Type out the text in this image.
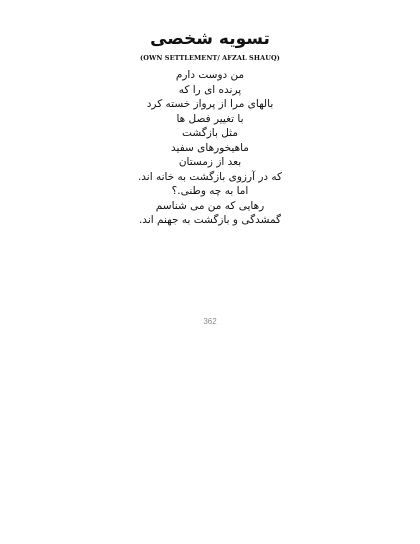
تسویه شخصی
(OWN SETTLEMENT/ AFZAL SHAUQ)
من دوست دارم
پرنده ای را که
بالهای مرا از پرواز خسته کرد
با تغییر فصل ها
مثل بازگشت
ماهیخورهای سفید
بعد از زمستان
که در آرزوی بازگشت به خانه اند.
اما به چه وطنی.؟
رهایی که من می شناسم
گمشدگی و بازگشت به جهنم اند.
362
